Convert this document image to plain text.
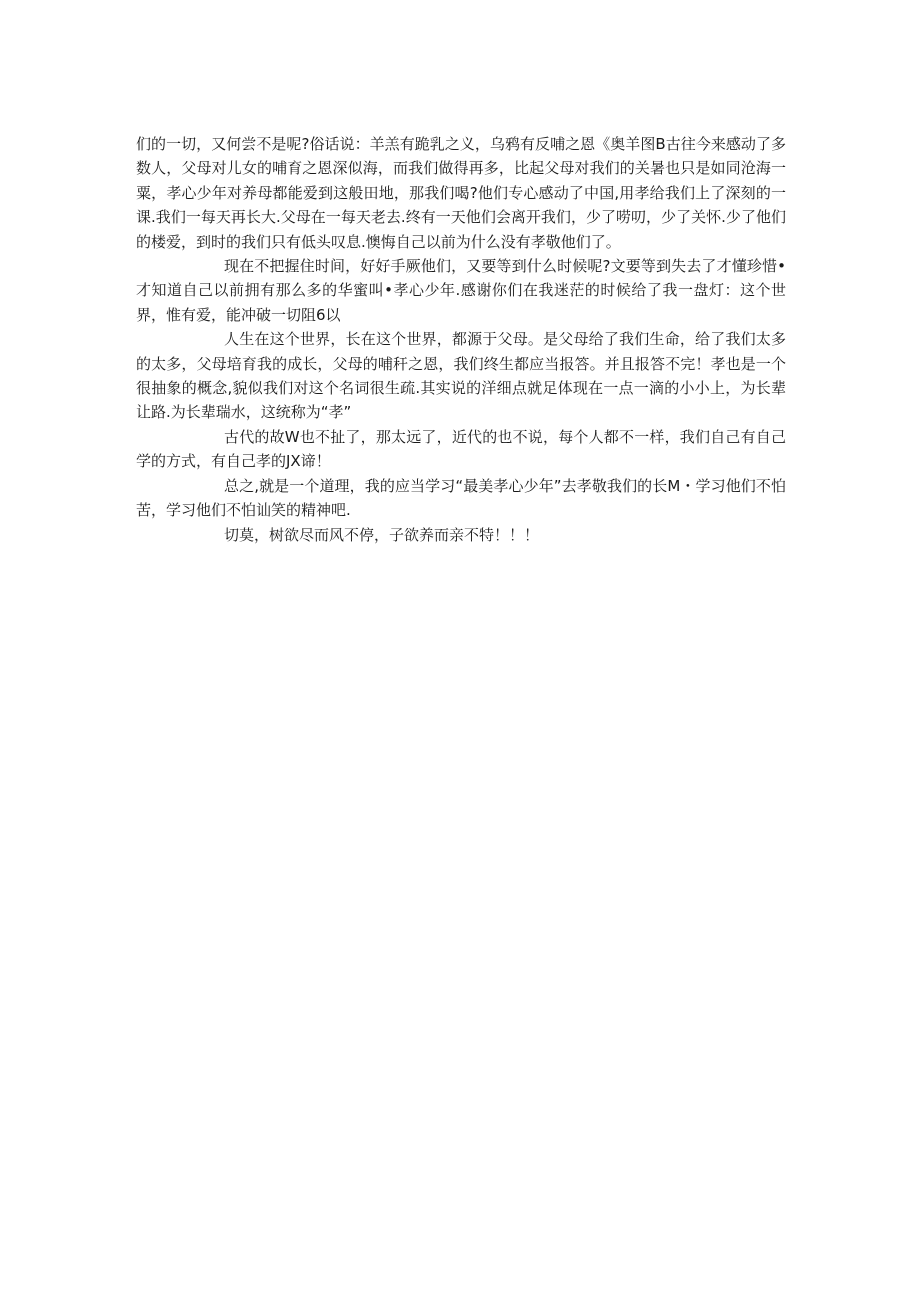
们的一切，又何尝不是呢?俗话说：羊羔有跪乳之义，乌鸦有反哺之恩《奥羊图B古往今来感动了多数人，父母对儿女的哺育之恩深似海，而我们做得再多，比起父母对我们的关暑也只是如同沧海一粟，孝心少年对养母都能爱到这般田地，那我们喝?他们专心感动了中国,用孝给我们上了深刻的一课.我们一每天再长大.父母在一每天老去.终有一天他们会离开我们，少了唠叨，少了关怀.少了他们的楼爱，到时的我们只有低头叹息.懊悔自己以前为什么没有孝敬他们了。

现在不把握住时间，好好手厥他们，又要等到什么时候呢?文要等到失去了才懂珍惜•才知道自己以前拥有那么多的华蜜叫•孝心少年.感谢你们在我迷茫的时候给了我一盘灯：这个世界，惟有爱，能冲破一切阻6以

人生在这个世界，长在这个世界，都源于父母。是父母给了我们生命，给了我们太多的太多，父母培育我的成长，父母的哺秆之恩，我们终生都应当报答。并且报答不完！孝也是一个很抽象的概念,貌似我们对这个名词很生疏.其实说的洋细点就足体现在一点一滴的小小上，为长辈让路.为长辈瑞水，这统称为“孝”

古代的故W也不扯了，那太远了，近代的也不说，每个人都不一样，我们自己有自己学的方式，有自己孝的JX谛！

总之,就是一个道理，我的应当学习“最美孝心少年”去孝敬我们的长M・学习他们不怕苦，学习他们不怕讪笑的精神吧.

切莫，树欲尽而风不停，子欲养而亲不特！！！
